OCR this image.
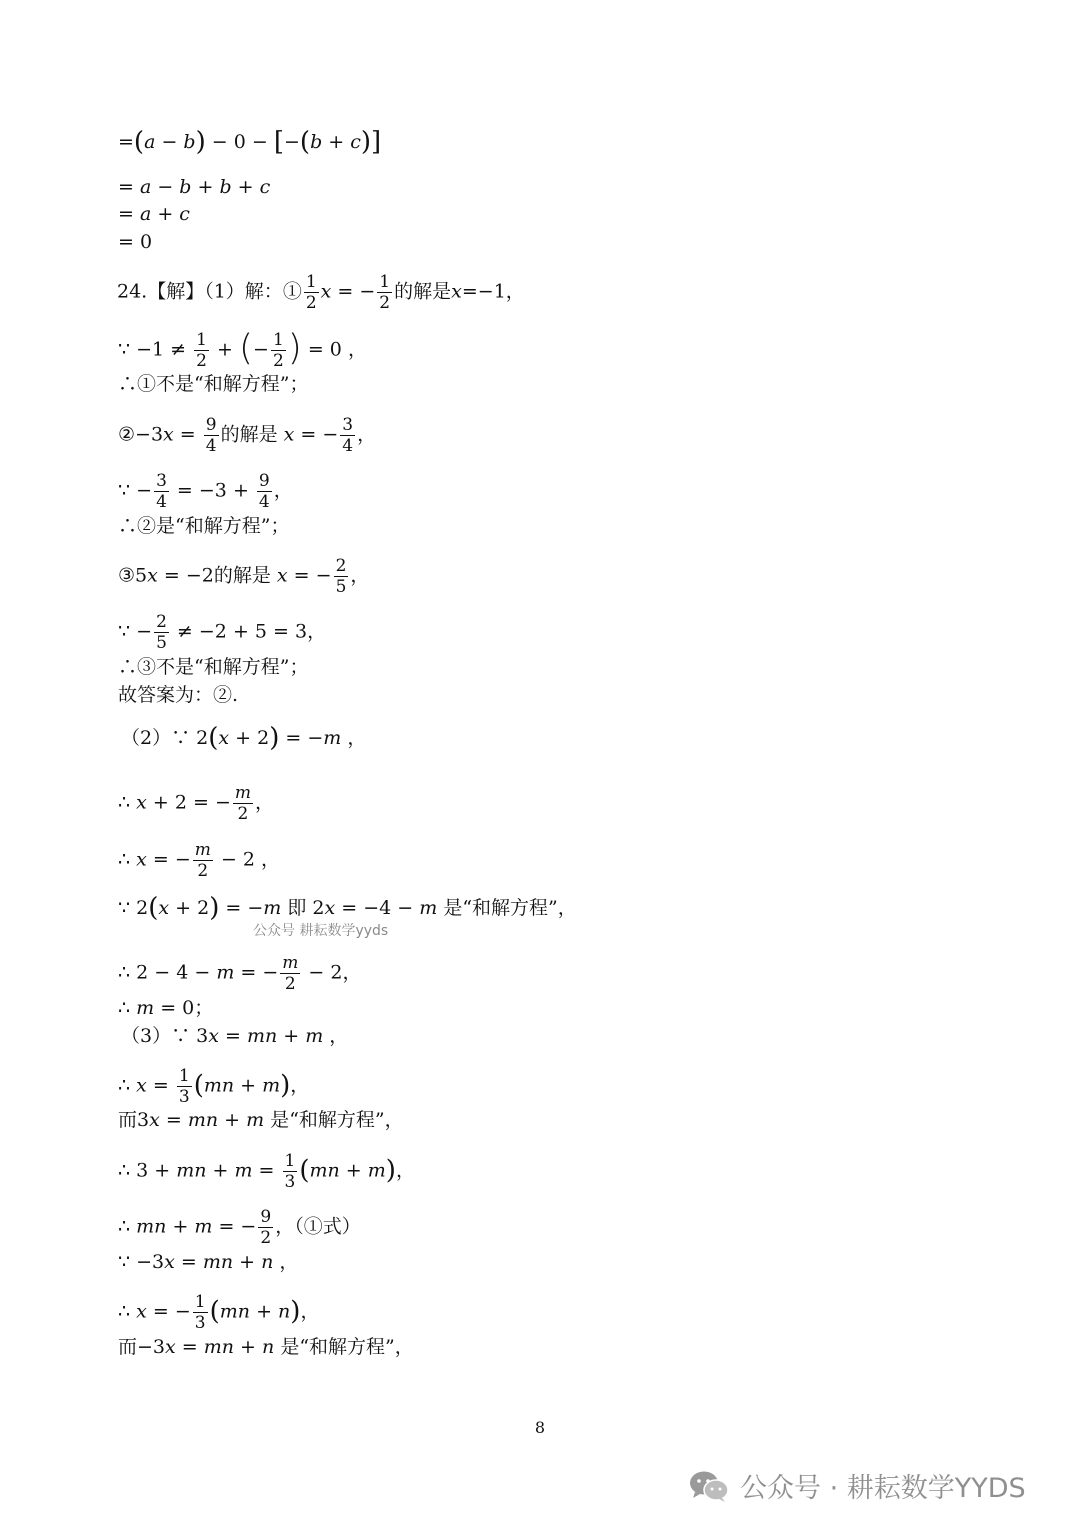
=(a − b) − 0 − [−(b + c)]
= a − b + b + c
= a + c
= 0
24.【解】（1）解：① $\frac{1}{2}$ x = − $\frac{1}{2}$ 的解是x=−1，
∵ $-1 \ne \frac{1}{2}$ + (− $\frac{1}{2}$ ) = 0 ，
∴①不是“和解方程”；
②−3x = $\frac{9}{4}$ 的解是 x = − $\frac{3}{4}$ ，
∵ − $\frac{3}{4} = -3 + \frac{9}{4}$ ，
∴②是“和解方程”；
③5x = −2的解是 x = − $\frac{2}{5}$ ，
∵ − $\frac{2}{5} \ne -2 + 5 = 3$，
∴③不是“和解方程”；
故答案为：②.
（2）∵ 2(x + 2) = −m ，
∴ x + 2 = − $\frac{m}{2}$ ，
∴ x = − $\frac{m}{2} - 2$ ，
∵ 2(x + 2) = −m 即 2x = −4 − m 是“和解方程”，
公众号 耕耘数学yyds
∴ 2 − 4 − m = − $\frac{m}{2} - 2$，
∴ m = 0；
（3）∵ 3x = mn + m ，
∴ $x = \frac{1}{3} (mn + m)$，
而3x = mn + m 是“和解方程”，
∴ 3 + mn + $m = \frac{1}{3} (mn + m)$，
∴ mn + m = − $\frac{9}{2}$ ，（①式）
∵ −3x = mn + n ，
∴ x = − $\frac{1}{3} (mn + n)$，
而−3x = mn + n 是“和解方程”，
8
公众号 · 耕耘数学YYDS
